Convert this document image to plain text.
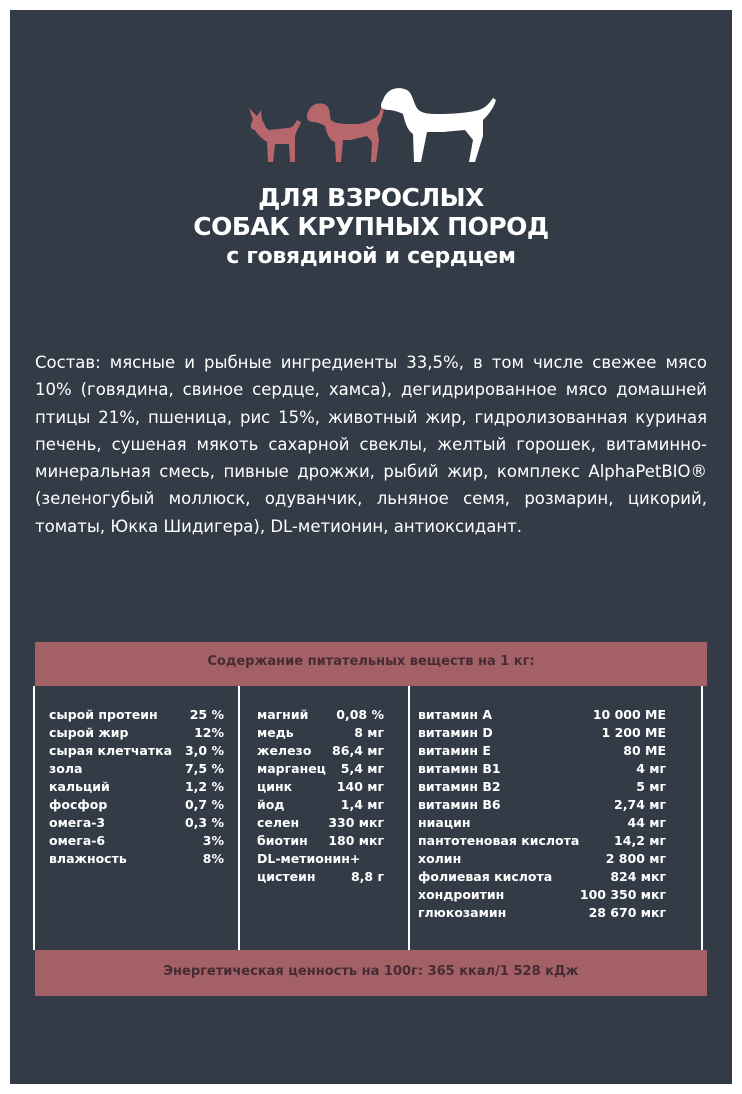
ДЛЯ ВЗРОСЛЫХ
СОБАК КРУПНЫХ ПОРОД
с говядиной и сердцем

Состав: мясные и рыбные ингредиенты 33,5%, в том числе свежее мясо 10% (говядина, свиное сердце, хамса), дегидрированное мясо домашней птицы 21%, пшеница, рис 15%, животный жир, гидролизованная куриная печень, сушеная мякоть сахарной свеклы, желтый горошек, витаминно-минеральная смесь, пивные дрожжи, рыбий жир, комплекс AlphaPetBIO® (зеленогубый моллюск, одуванчик, льняное семя, розмарин, цикорий, томаты, Юкка Шидигера), DL-метионин, антиоксидант.

Содержание питательных веществ на 1 кг:
сырой протеин	25 %
сырой жир	12%
сырая клетчатка 3,0 %
зола	7,5 %
кальций	1,2 %
фосфор	0,7 %
омега-3	0,3 %
омега-6	3%
влажность	8%
магний 0,08 %
медь	8 мг
железо 86,4 мг
марганец 5,4 мг
цинк	140 мг
йод	1,4 мг
селен 330 мкг
биотин 180 мкг
DL-метионин+
цистеин	8,8 г
витамин А	10 000 МЕ
витамин D	1 200 МЕ
витамин Е	80 МЕ
витамин В1	4 мг
витамин В2	5 мг
витамин В6	2,74 мг
ниацин	44 мг
пантотеновая кислота	14,2 мг
холин	2 800 мг
фолиевая кислота	824 мкг
хондроитин	100 350 мкг
глюкозамин	28 670 мкг
Энергетическая ценность на 100г: 365 ккал/1 528 кДж
